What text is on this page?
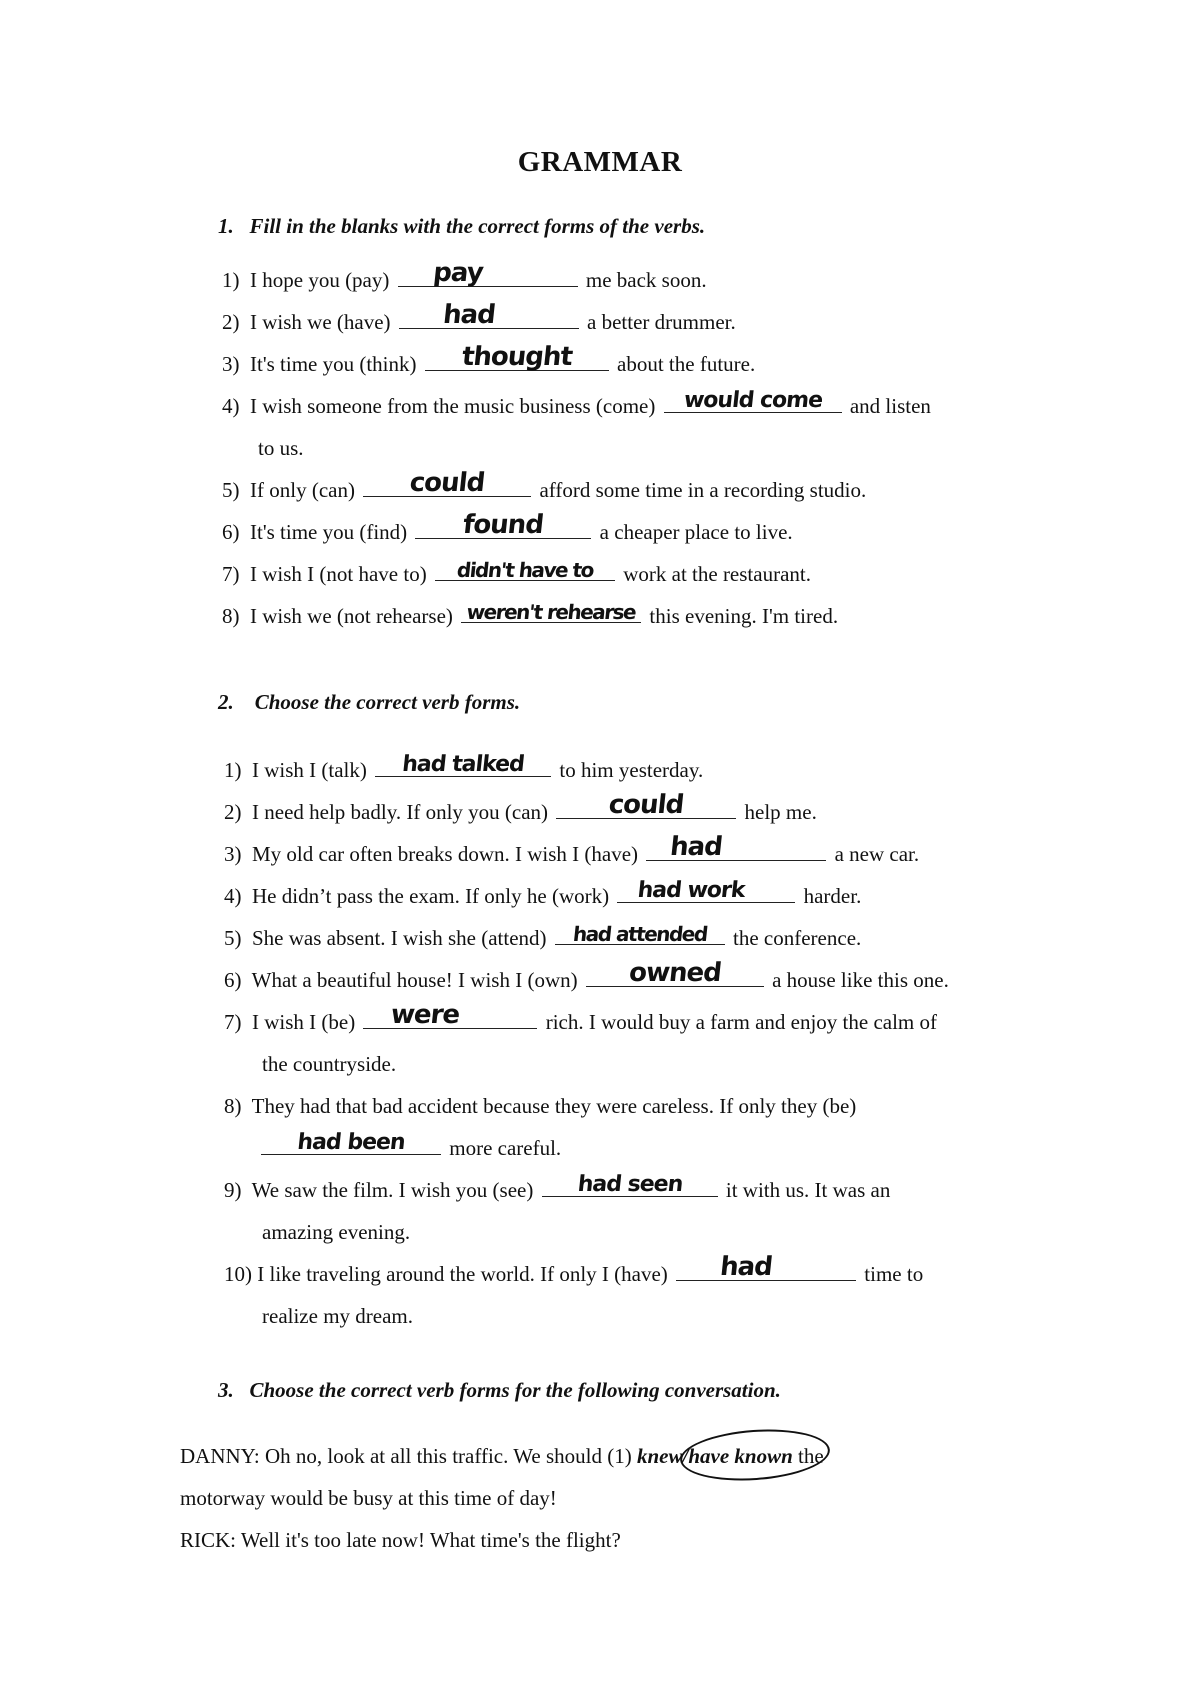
GRAMMAR
1. Fill in the blanks with the correct forms of the verbs.
1) I hope you (pay)	pay	me back soon.
2) I wish we (have)	had	a better drummer.
3) It's time you (think)	thought	about the future.
4) I wish someone from the music business (come)	would come	and listen
to us.
5) If only (can)	could	afford some time in a recording studio.
6) It's time you (find)	found	a cheaper place to live.
7) I wish I (not have to)	didn't have to	work at the restaurant.
8) I wish we (not rehearse) weren't rehearse this evening. I'm tired.
2. Choose the correct verb forms.
1) I wish I (talk)	had talked	to him yesterday.
2) I need help badly. If only you (can)	could	help me.
3) My old car often breaks down. I wish I (have)	had	a new car.
4) He didn’t pass the exam. If only he (work)	had work	harder.
5) She was absent. I wish she (attend)	had attended	the conference.
6) What a beautiful house! I wish I (own)	owned	a house like this one.
7) I wish I (be)	were	rich. I would buy a farm and enjoy the calm of
the countryside.
8) They had that bad accident because they were careless. If only they (be)
had been	more careful.
9) We saw the film. I wish you (see)	had seen	it with us. It was an
amazing evening.
10) I like traveling around the world. If only I (have)	had	time to
realize my dream.
3. Choose the correct verb forms for the following conversation.
DANNY: Oh no, look at all this traffic. We should (1) knew/have known the
motorway would be busy at this time of day!
RICK: Well it's too late now! What time's the flight?
